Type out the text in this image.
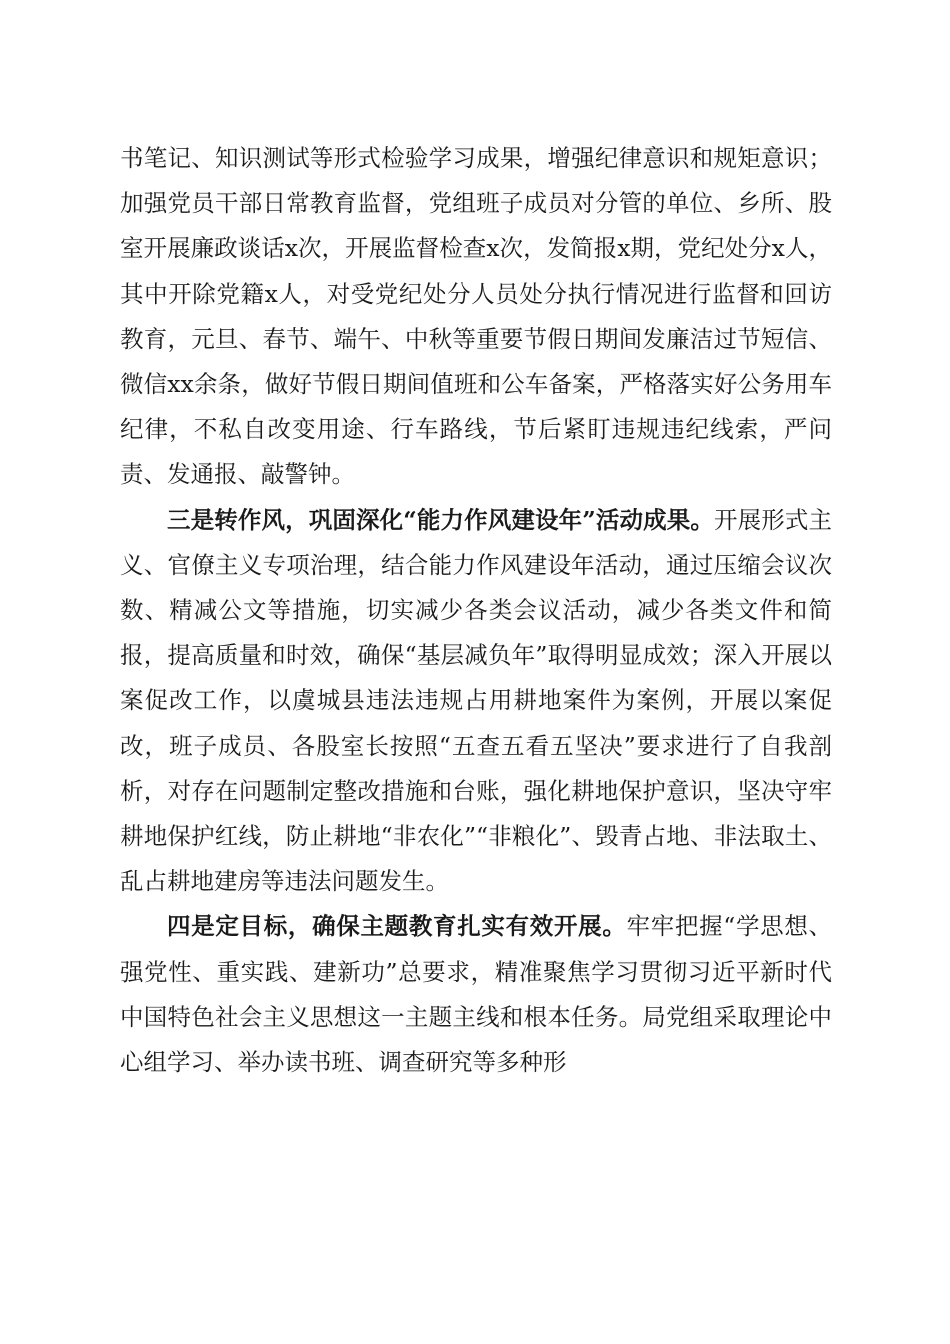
书笔记、知识测试等形式检验学习成果，增强纪律意识和规矩意识；加强党员干部日常教育监督，党组班子成员对分管的单位、乡所、股室开展廉政谈话x次，开展监督检查x次，发简报x期，党纪处分x人，其中开除党籍x人，对受党纪处分人员处分执行情况进行监督和回访教育，元旦、春节、端午、中秋等重要节假日期间发廉洁过节短信、微信xx余条，做好节假日期间值班和公车备案，严格落实好公务用车纪律，不私自改变用途、行车路线，节后紧盯违规违纪线索，严问责、发通报、敲警钟。

三是转作风，巩固深化“能力作风建设年”活动成果。开展形式主义、官僚主义专项治理，结合能力作风建设年活动，通过压缩会议次数、精减公文等措施，切实减少各类会议活动，减少各类文件和简报，提高质量和时效，确保“基层减负年”取得明显成效；深入开展以案促改工作，以虞城县违法违规占用耕地案件为案例，开展以案促改，班子成员、各股室长按照“五查五看五坚决”要求进行了自我剖析，对存在问题制定整改措施和台账，强化耕地保护意识，坚决守牢耕地保护红线，防止耕地“非农化”“非粮化”、毁青占地、非法取土、乱占耕地建房等违法问题发生。

四是定目标，确保主题教育扎实有效开展。牢牢把握“学思想、强党性、重实践、建新功”总要求，精准聚焦学习贯彻习近平新时代中国特色社会主义思想这一主题主线和根本任务。局党组采取理论中心组学习、举办读书班、调查研究等多种形
